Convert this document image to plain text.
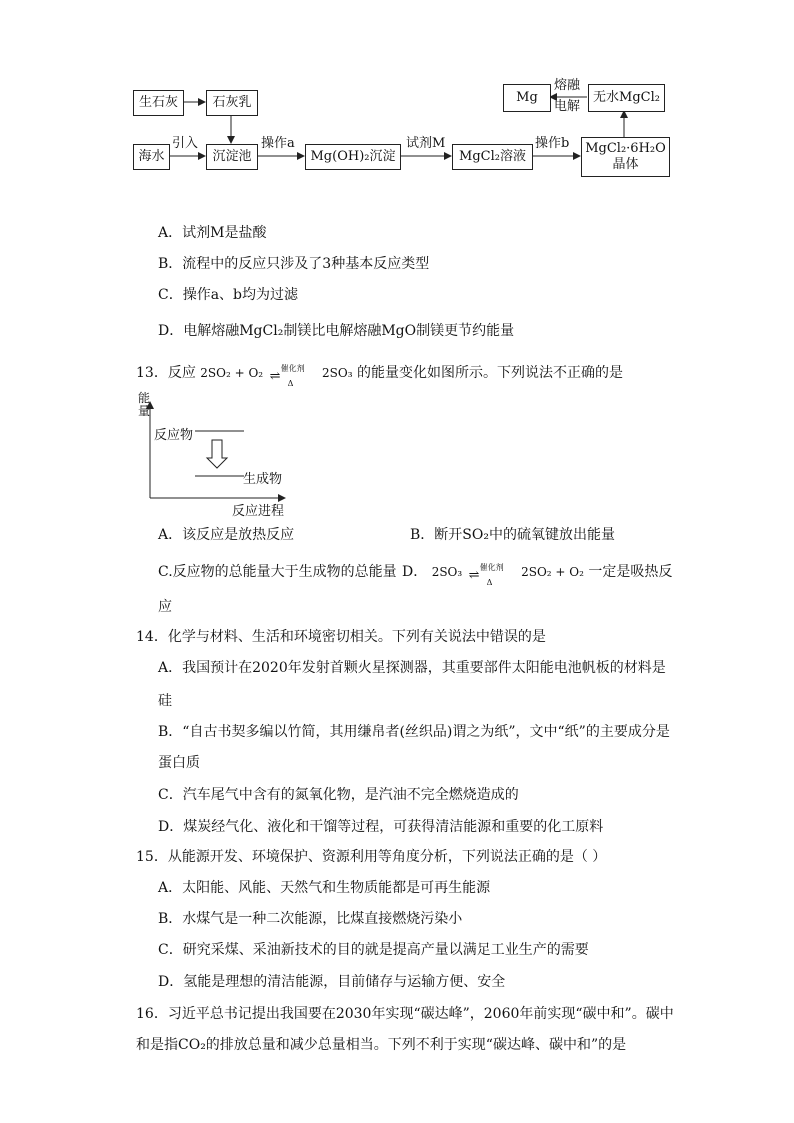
生石灰	石灰乳
海水	沉淀池	Mg(OH)₂沉淀	MgCl₂溶液
MgCl₂·6H₂O
晶体
无水MgCl₂
Mg
引入	操作a	试剂M	操作b
熔融
电解
A．试剂M是盐酸
B．流程中的反应只涉及了3种基本反应类型
C．操作a、b均为过滤
D．电解熔融MgCl₂制镁比电解熔融MgO制镁更节约能量
13．反应 2SO₂ + O₂ 催化剂
⇌ Δ
2SO₃ 的能量变化如图所示。下列说法不正确的是
能量
反应物
生成物
反应进程
A．该反应是放热反应	B．断开SO₂中的硫氧键放出能量
C.反应物的总能量大于生成物的总能量 D． 2SO₃ 催化剂
⇌ Δ
2SO₂ + O₂ 一定是吸热反
应
14．化学与材料、生活和环境密切相关。下列有关说法中错误的是
A．我国预计在2020年发射首颗火星探测器，其重要部件太阳能电池帆板的材料是
硅
B．“自古书契多编以竹简，其用缣帛者(丝织品)谓之为纸”，文中“纸”的主要成分是
蛋白质
C．汽车尾气中含有的氮氧化物，是汽油不完全燃烧造成的
D．煤炭经气化、液化和干馏等过程，可获得清洁能源和重要的化工原料
15．从能源开发、环境保护、资源利用等角度分析，下列说法正确的是（ ）
A．太阳能、风能、天然气和生物质能都是可再生能源
B．水煤气是一种二次能源，比煤直接燃烧污染小
C．研究采煤、采油新技术的目的就是提高产量以满足工业生产的需要
D．氢能是理想的清洁能源，目前储存与运输方便、安全
16．习近平总书记提出我国要在2030年实现“碳达峰”，2060年前实现“碳中和”。碳中
和是指CO₂的排放总量和减少总量相当。下列不利于实现“碳达峰、碳中和”的是
